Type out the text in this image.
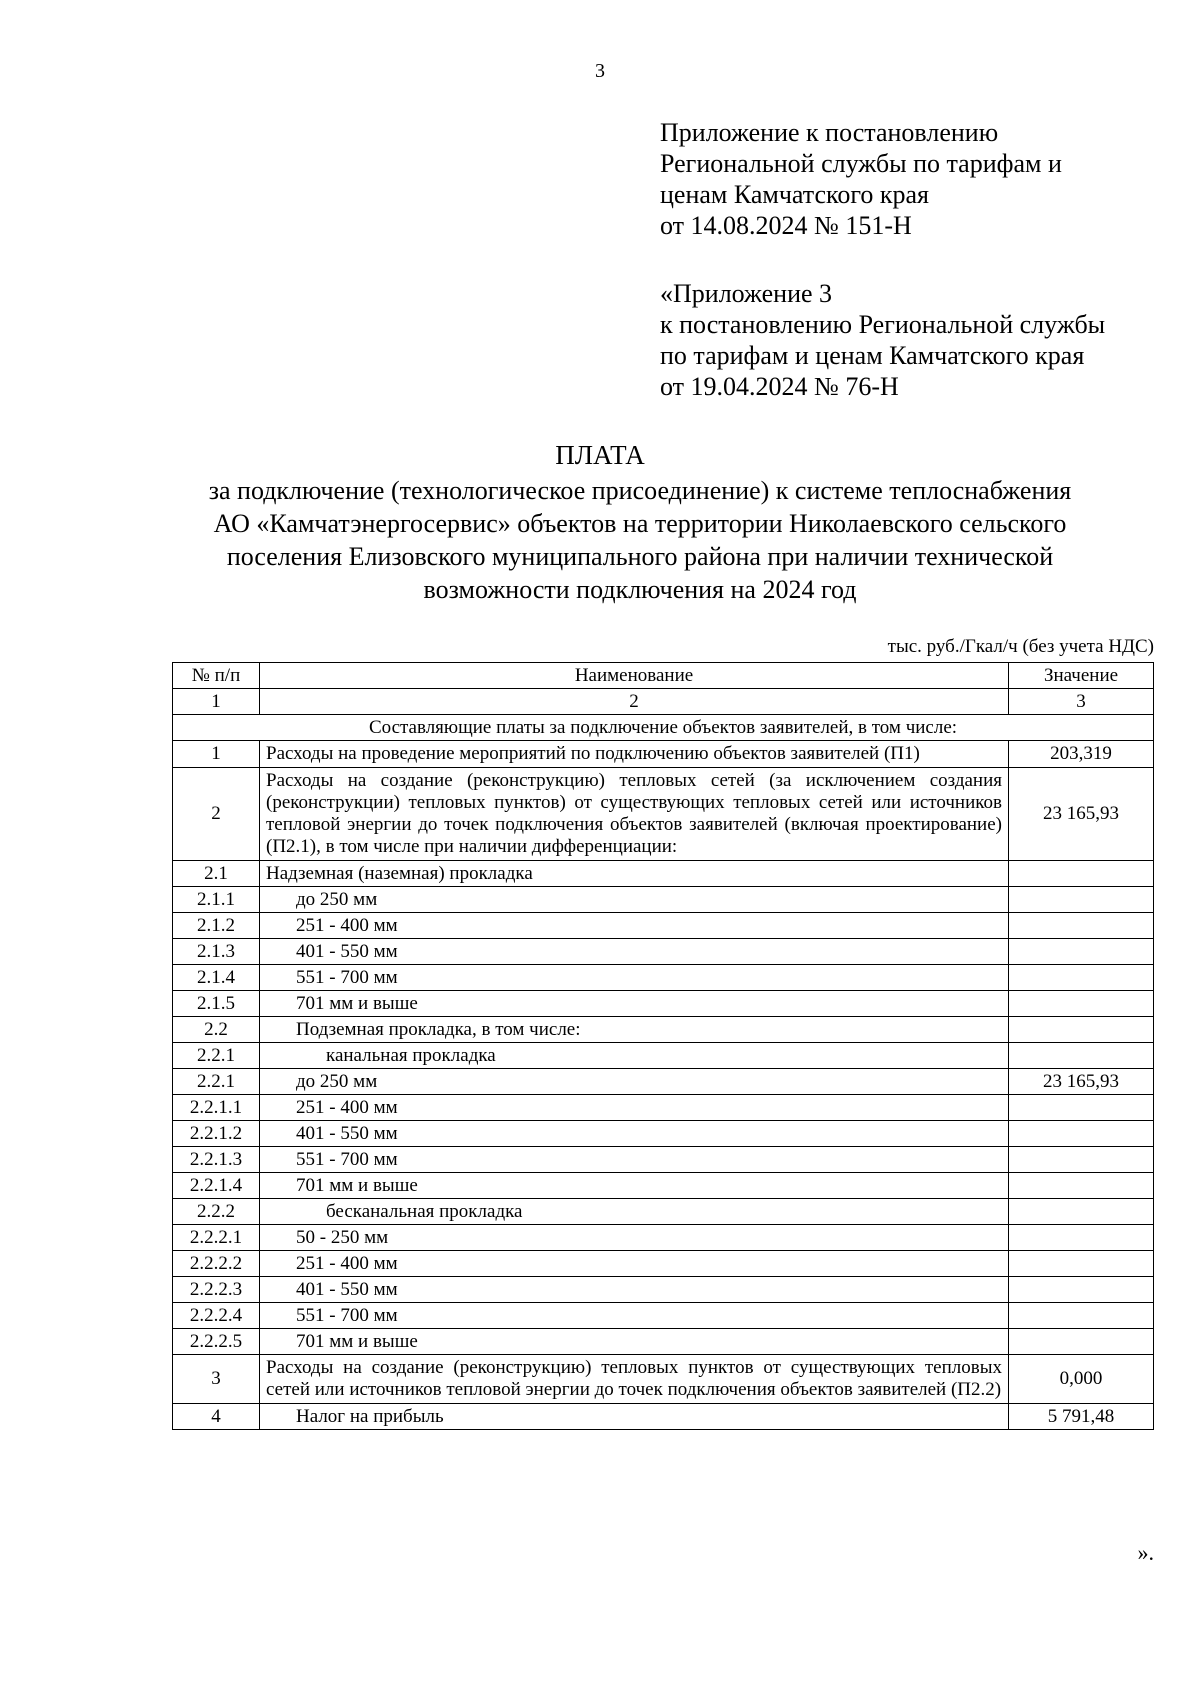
3
Приложение к постановлению
Региональной службы по тарифам и
ценам Камчатского края
от 14.08.2024 № 151-Н
«Приложение 3
к постановлению Региональной службы
по тарифам и ценам Камчатского края
от 19.04.2024 № 76-Н
ПЛАТА
за подключение (технологическое присоединение) к системе теплоснабжения
АО «Камчатэнергосервис» объектов на территории Николаевского сельского
поселения Елизовского муниципального района при наличии технической
возможности подключения на 2024 год
тыс. руб./Гкал/ч (без учета НДС)
№ п/п	Наименование	Значение
1	2	3
Составляющие платы за подключение объектов заявителей, в том числе:		
1	Расходы на проведение мероприятий по подключению объектов заявителей (П1)	203,319
2	Расходы на создание (реконструкцию) тепловых сетей (за исключением создания (реконструкции) тепловых пунктов) от существующих тепловых сетей или источников тепловой энергии до точек подключения объектов заявителей (включая проектирование) (П2.1), в том числе при наличии дифференциации:	23 165,93
2.1	Надземная (наземная) прокладка	
2.1.1	до 250 мм	
2.1.2	251 - 400 мм	
2.1.3	401 - 550 мм	
2.1.4	551 - 700 мм	
2.1.5	701 мм и выше	
2.2	Подземная прокладка, в том числе:	
2.2.1	канальная прокладка	
2.2.1	до 250 мм	23 165,93
2.2.1.1	251 - 400 мм	
2.2.1.2	401 - 550 мм	
2.2.1.3	551 - 700 мм	
2.2.1.4	701 мм и выше	
2.2.2	бесканальная прокладка	
2.2.2.1	50 - 250 мм	
2.2.2.2	251 - 400 мм	
2.2.2.3	401 - 550 мм	
2.2.2.4	551 - 700 мм	
2.2.2.5	701 мм и выше	
3	Расходы на создание (реконструкцию) тепловых пунктов от существующих тепловых сетей или источников тепловой энергии до точек подключения объектов заявителей (П2.2)	0,000
4	Налог на прибыль	5 791,48
».
